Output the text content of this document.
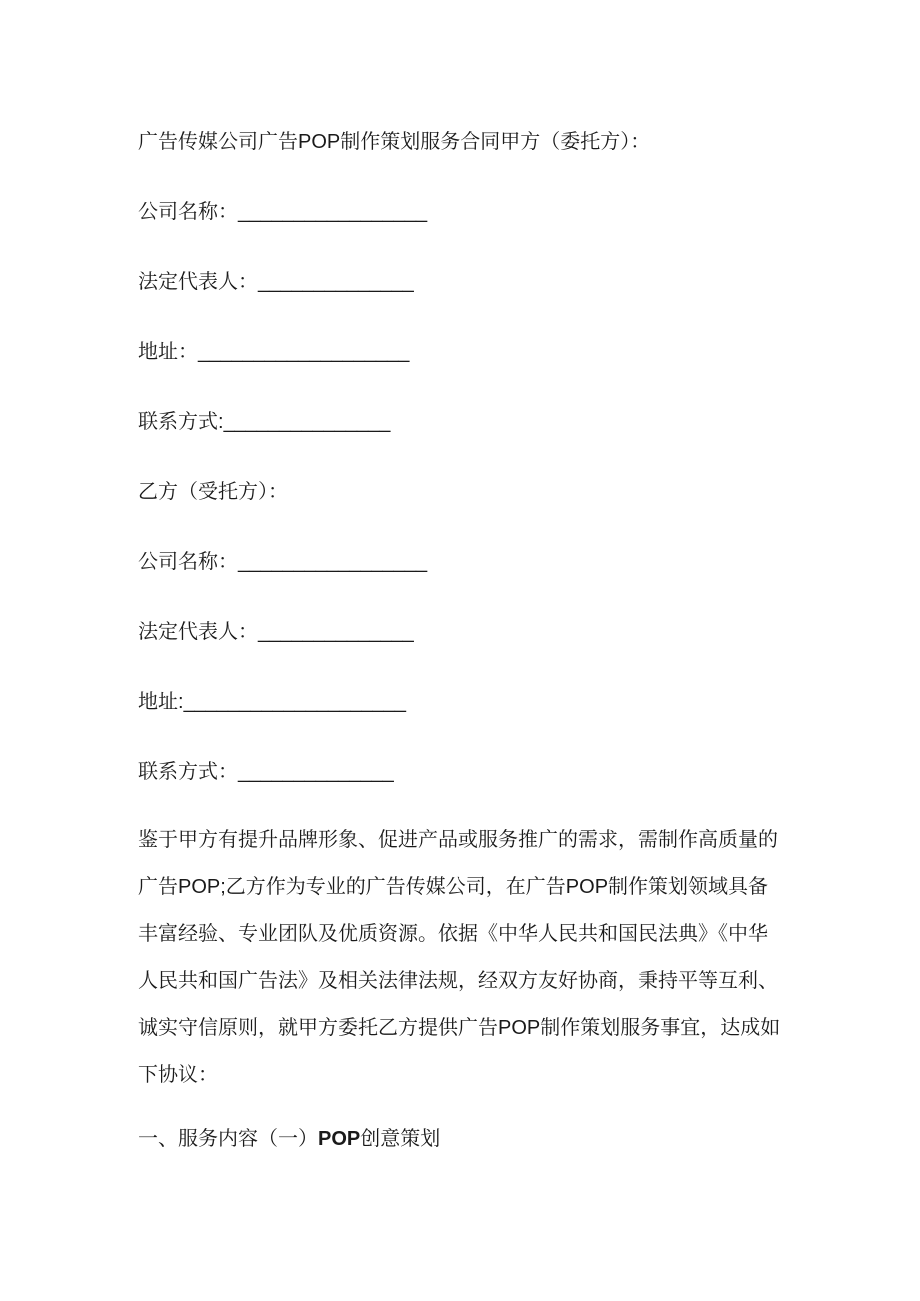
广告传媒公司广告POP制作策划服务合同甲方（委托方）：
公司名称：_________________
法定代表人：______________
地址：___________________
联系方式:_______________
乙方（受托方）：
公司名称：_________________
法定代表人：______________
地址:____________________
联系方式：______________
鉴于甲方有提升品牌形象、促进产品或服务推广的需求，需制作高质量的
广告POP;乙方作为专业的广告传媒公司，在广告POP制作策划领域具备
丰富经验、专业团队及优质资源。依据《中华人民共和国民法典》《中华
人民共和国广告法》及相关法律法规，经双方友好协商，秉持平等互利、
诚实守信原则，就甲方委托乙方提供广告POP制作策划服务事宜，达成如
下协议：
一、服务内容（一）POP创意策划
